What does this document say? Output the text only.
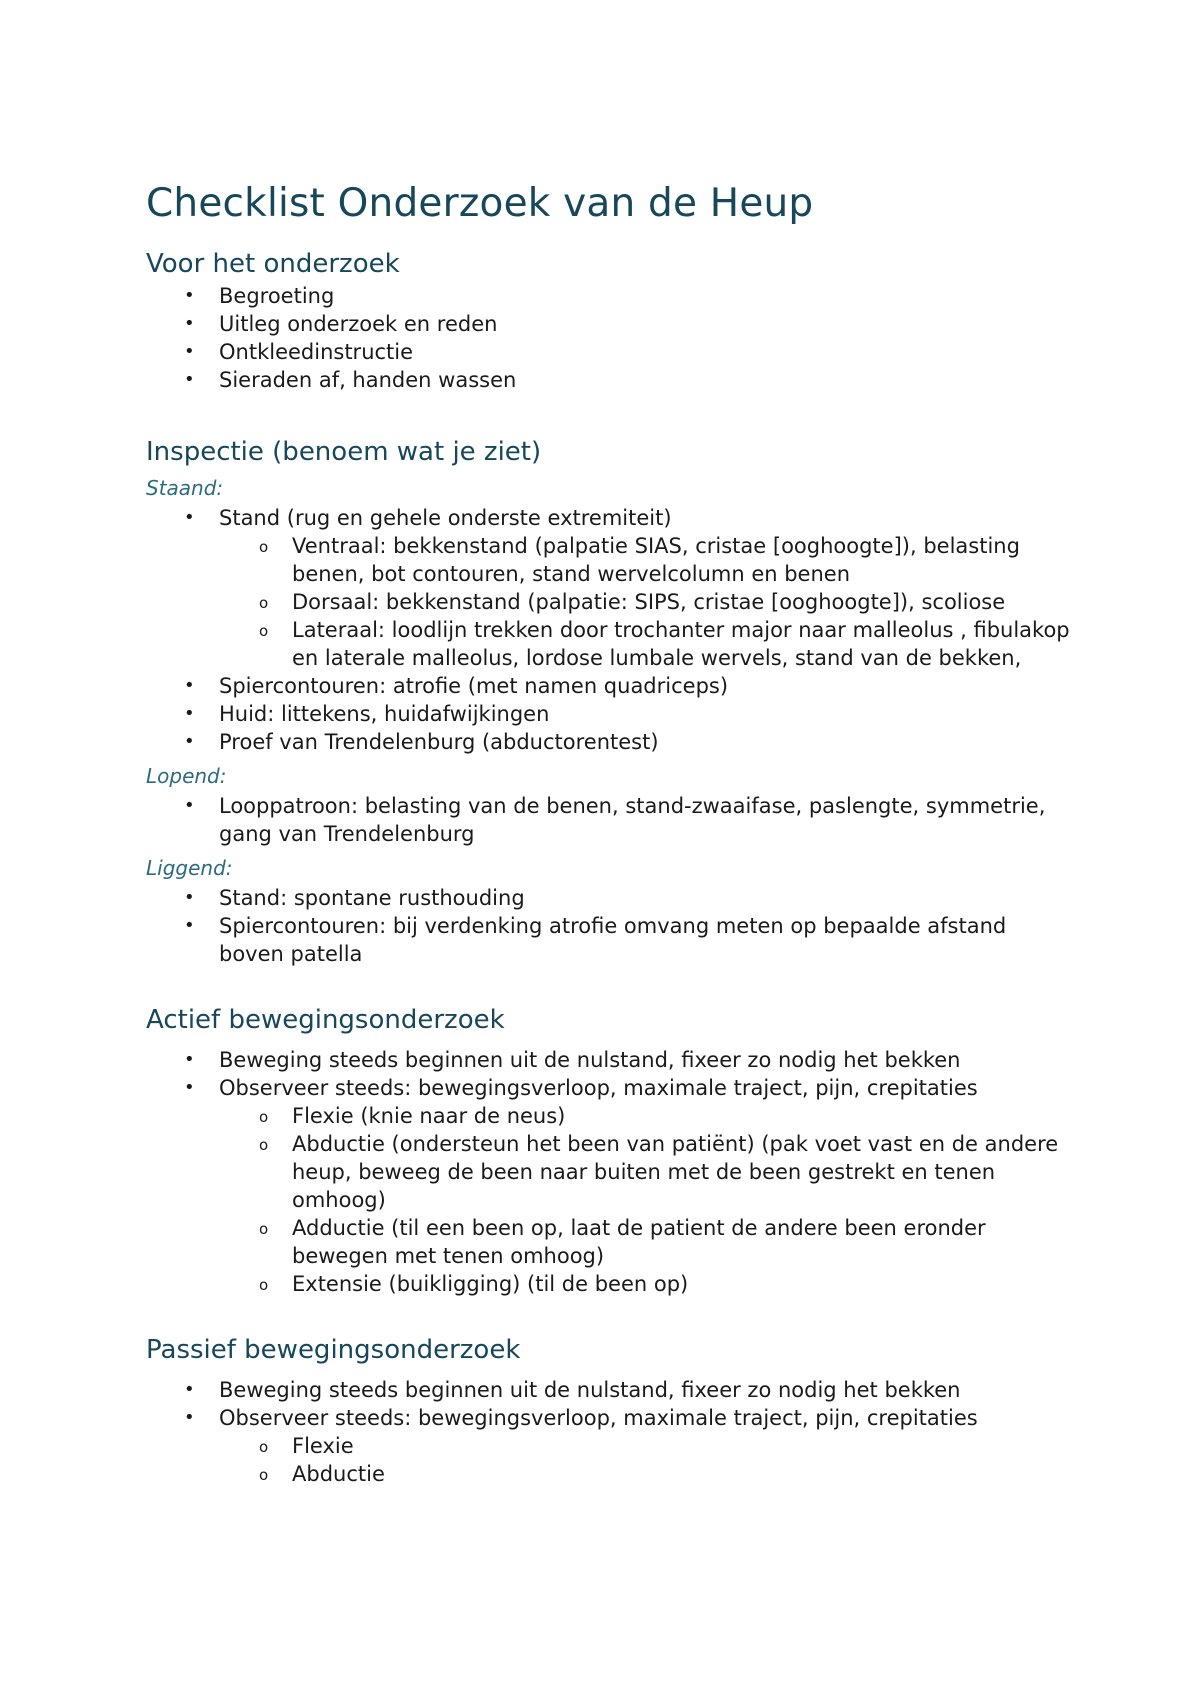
Checklist Onderzoek van de Heup
Voor het onderzoek
• Begroeting
• Uitleg onderzoek en reden
• Ontkleedinstructie
• Sieraden af, handen wassen
Inspectie (benoem wat je ziet)
Staand:
• Stand (rug en gehele onderste extremiteit)
o Ventraal: bekkenstand (palpatie SIAS, cristae [ooghoogte]), belasting benen, bot contouren, stand wervelcolumn en benen
o Dorsaal: bekkenstand (palpatie: SIPS, cristae [ooghoogte]), scoliose
o Lateraal: loodlijn trekken door trochanter major naar malleolus , fibulakop en laterale malleolus, lordose lumbale wervels, stand van de bekken,
• Spiercontouren: atrofie (met namen quadriceps)
• Huid: littekens, huidafwijkingen
• Proef van Trendelenburg (abductorentest)
Lopend:
• Looppatroon: belasting van de benen, stand-zwaaifase, paslengte, symmetrie, gang van Trendelenburg
Liggend:
• Stand: spontane rusthouding
• Spiercontouren: bij verdenking atrofie omvang meten op bepaalde afstand boven patella
Actief bewegingsonderzoek
• Beweging steeds beginnen uit de nulstand, fixeer zo nodig het bekken
• Observeer steeds: bewegingsverloop, maximale traject, pijn, crepitaties
o Flexie (knie naar de neus)
o Abductie (ondersteun het been van patiënt) (pak voet vast en de andere heup, beweeg de been naar buiten met de been gestrekt en tenen omhoog)
o Adductie (til een been op, laat de patient de andere been eronder bewegen met tenen omhoog)
o Extensie (buikligging) (til de been op)
Passief bewegingsonderzoek
• Beweging steeds beginnen uit de nulstand, fixeer zo nodig het bekken
• Observeer steeds: bewegingsverloop, maximale traject, pijn, crepitaties
o Flexie
o Abductie
